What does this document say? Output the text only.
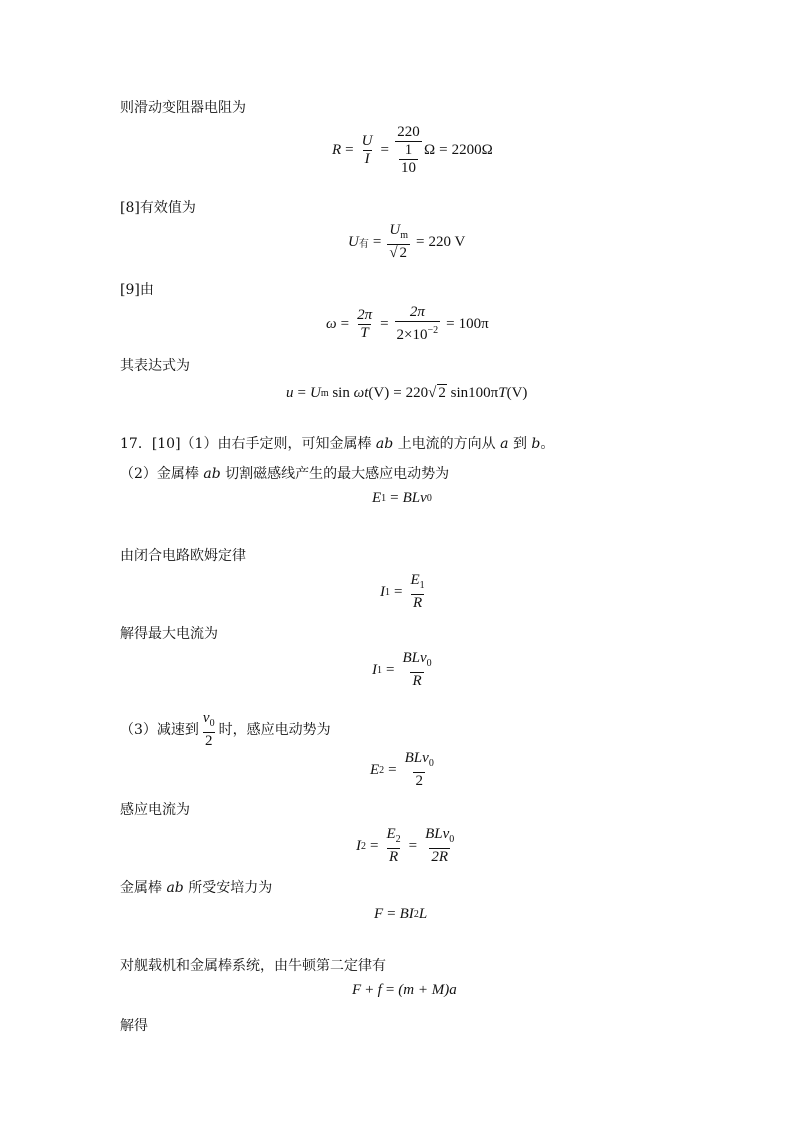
则滑动变阻器电阻为
$R = \frac{U}{I} = \frac{220}{\frac{1}{10}}$ Ω = 2200Ω
[8]有效值为
U 有 = $\frac{U_m}{√ 2} = 220$ V
[9]由
$\omega = \frac{2\pi}{T} = \frac{2\pi}{2\times 10^{-2}} = 100\pi$
其表达式为
u = U m
sin
ωt (V) = 220 √ 2
sin100π T (V)
17．[10]（1）由右手定则，可知金属棒 ab 上电流的方向从 a 到 b。
（2）金属棒 ab 切割磁感线产生的最大感应电动势为
E 1 = BLv 0
由闭合电路欧姆定律
I $1 = \frac{E_1}{R}$
解得最大电流为
I $1 = \frac{BLv_0}{R}$
（3）减速到 $\frac{v_0}{2}$ 时，感应电动势为
E $2 = \frac{BLv_0}{2}$
感应电流为
I $2 = \frac{E_2}{R} = \frac{BLv_0}{2R}$
金属棒 ab 所受安培力为
F = BI 2 L
对舰载机和金属棒系统，由牛顿第二定律有
F + f = (m + M)a
解得
